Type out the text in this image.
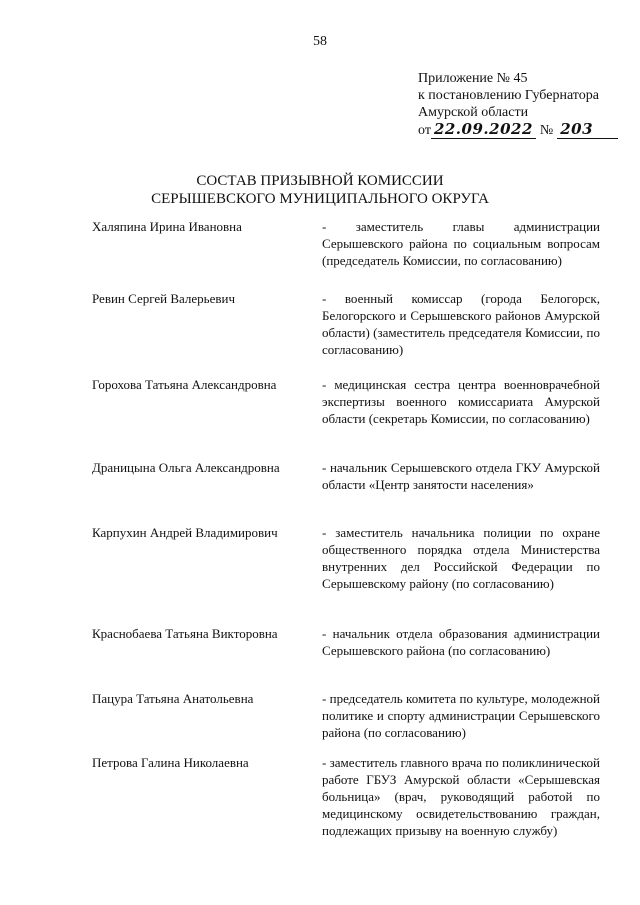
58
Приложение № 45
к постановлению Губернатора
Амурской области
от 22.09.2022 № 203
СОСТАВ ПРИЗЫВНОЙ КОМИССИИ
СЕРЫШЕВСКОГО МУНИЦИПАЛЬНОГО ОКРУГА
Халяпина Ирина Ивановна	- заместитель главы администрации Серышевского района по социальным вопросам (председатель Комиссии, по согласованию)
Ревин Сергей Валерьевич	- военный комиссар (города Белогорск, Белогорского и Серышевского районов Амурской области) (заместитель председателя Комиссии, по согласованию)
Горохова Татьяна Александровна	- медицинская сестра центра военноврачебной экспертизы военного комиссариата Амурской области (секретарь Комиссии, по согласованию)
Драницына Ольга Александровна	- начальник Серышевского отдела ГКУ Амурской области «Центр занятости населения»
Карпухин Андрей Владимирович	- заместитель начальника полиции по охране общественного порядка отдела Министерства внутренних дел Российской Федерации по Серышевскому району (по согласованию)
Краснобаева Татьяна Викторовна	- начальник отдела образования администрации Серышевского района (по согласованию)
Пацура Татьяна Анатольевна	- председатель комитета по культуре, молодежной политике и спорту администрации Серышевского района (по согласованию)
Петрова Галина Николаевна	- заместитель главного врача по поликлинической работе ГБУЗ Амурской области «Серышевская больница» (врач, руководящий работой по медицинскому освидетельствованию граждан, подлежащих призыву на военную службу)
